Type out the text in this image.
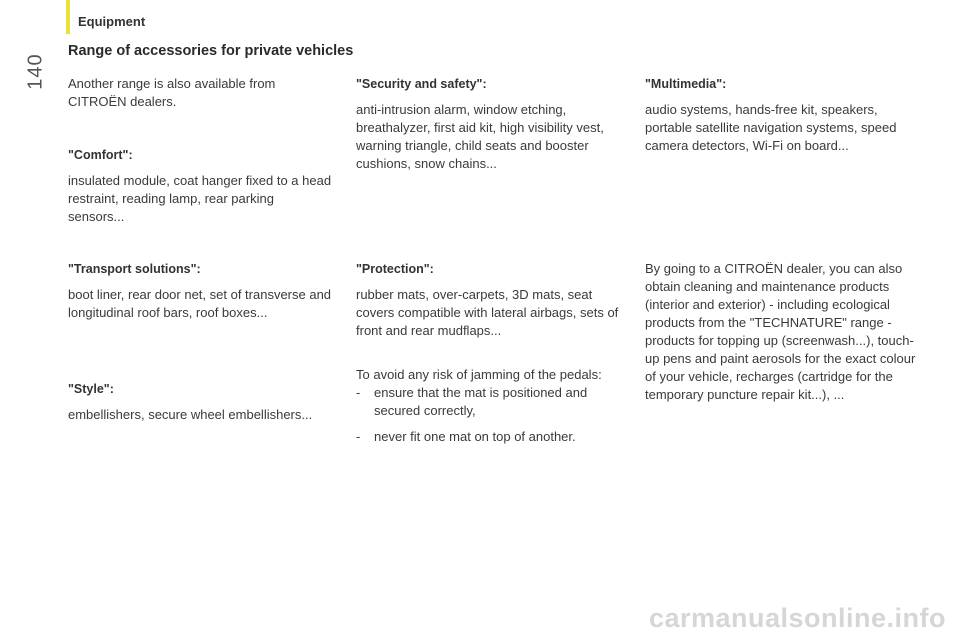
Equipment
140
Range of accessories for private vehicles

Another range is also available from CITROËN dealers.

"Comfort":

insulated module, coat hanger fixed to a head restraint, reading lamp, rear parking sensors...

"Transport solutions":

boot liner, rear door net, set of transverse and longitudinal roof bars, roof boxes...

"Style":

embellishers, secure wheel embellishers...

"Security and safety":

anti-intrusion alarm, window etching, breathalyzer, first aid kit, high visibility vest, warning triangle, child seats and booster cushions, snow chains...

"Protection":

rubber mats, over-carpets, 3D mats, seat covers compatible with lateral airbags, sets of front and rear mudflaps...

To avoid any risk of jamming of the pedals:

- ensure that the mat is positioned and secured correctly,
- never fit one mat on top of another.
"Multimedia":

audio systems, hands-free kit, speakers, portable satellite navigation systems, speed camera detectors, Wi-Fi on board...

By going to a CITROËN dealer, you can also obtain cleaning and maintenance products (interior and exterior) - including ecological products from the "TECHNATURE" range - products for topping up (screenwash...), touch-up pens and paint aerosols for the exact colour of your vehicle, recharges (cartridge for the temporary puncture repair kit...), ...

carmanualsonline.info
